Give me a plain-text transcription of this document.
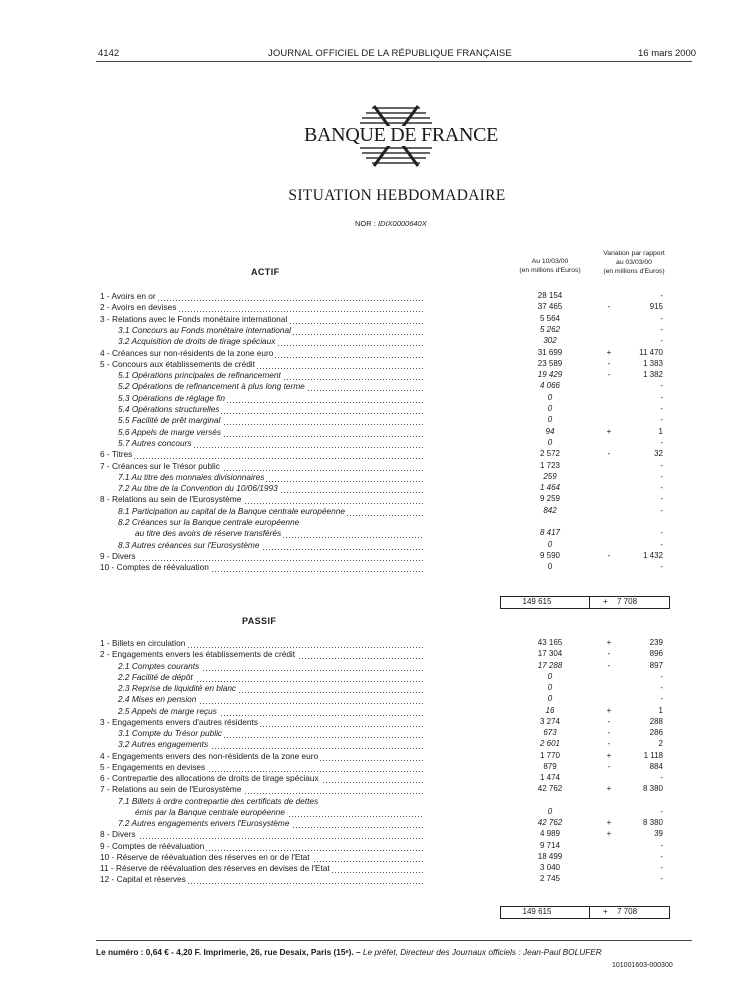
4142	JOURNAL OFFICIEL DE LA RÉPUBLIQUE FRANÇAISE	16 mars 2000
BANQUE DE FRANCE
SITUATION HEBDOMADAIRE
NOR : IDIX0000640X
Au 10/03/00
(en millions d'Euros)
Variation par rapport
au 03/03/00
(en millions d'Euros)
ACTIF
PASSIF
1 - Avoirs en or	28 154	-
2 - Avoirs en devises	37 465	-	915
3 - Relations avec le Fonds monétaire international	5 564	-
3.1 Concours au Fonds monétaire international	5 262	-
3.2 Acquisition de droits de tirage spéciaux	302	-
4 - Créances sur non-résidents de la zone euro	31 699	+	11 470
5 - Concours aux établissements de crédit	23 589	-	1 383
5.1 Opérations principales de refinancement	19 429	-	1 382
5.2 Opérations de refinancement à plus long terme	4 066	-
5.3 Opérations de réglage fin	0	-
5.4 Opérations structurelles	0	-
5.5 Facilité de prêt marginal	0	-
5.6 Appels de marge versés	94	+	1
5.7 Autres concours	0	-
6 - Titres	2 572	-	32
7 - Créances sur le Trésor public	1 723	-
7.1 Au titre des monnaies divisionnaires	259	-
7.2 Au titre de la Convention du 10/06/1993	1 464	-
8 - Relations au sein de l'Eurosystème	9 259	-
8.1 Participation au capital de la Banque centrale européenne	842	-
8.2 Créances sur la Banque centrale européenne
au titre des avoirs de réserve transférés	8 417	-
8.3 Autres créances sur l'Eurosystème	0	-
9 - Divers	9 590	-	1 432
10 - Comptes de réévaluation	0	-
149 615	+ 7 708
1 - Billets en circulation	43 165	+	239
2 - Engagements envers les établissements de crédit	17 304	-	896
2.1 Comptes courants	17 288	-	897
2.2 Facilité de dépôt	0	-
2.3 Reprise de liquidité en blanc	0	-
2.4 Mises en pension	0	-
2.5 Appels de marge reçus	16	+	1
3 - Engagements envers d'autres résidents	3 274	-	288
3.1 Compte du Trésor public	673	-	286
3.2 Autres engagements	2 601	-	2
4 - Engagements envers des non-résidents de la zone euro	1 770	+	1 118
5 - Engagements en devises	879	-	884
6 - Contrepartie des allocations de droits de tirage spéciaux	1 474	-
7 - Relations au sein de l'Eurosystème	42 762	+	8 380
7.1 Billets à ordre contrepartie des certificats de dettes
émis par la Banque centrale européenne	0	-
7.2 Autres engagements envers l'Eurosystème	42 762	+	8 380
8 - Divers	4 989	+	39
9 - Comptes de réévaluation	9 714	-
10 - Réserve de réévaluation des réserves en or de l'Etat	18 499	-
11 - Réserve de réévaluation des réserves en devises de l'Etat	3 040	-
12 - Capital et réserves	2 745	-
149 615	+ 7 708
Le numéro : 0,64 € - 4,20 F. Imprimerie, 26, rue Desaix, Paris (15ᵉ). – Le préfet, Directeur des Journaux officiels : Jean-Paul BOLUFER
101001603-000300
